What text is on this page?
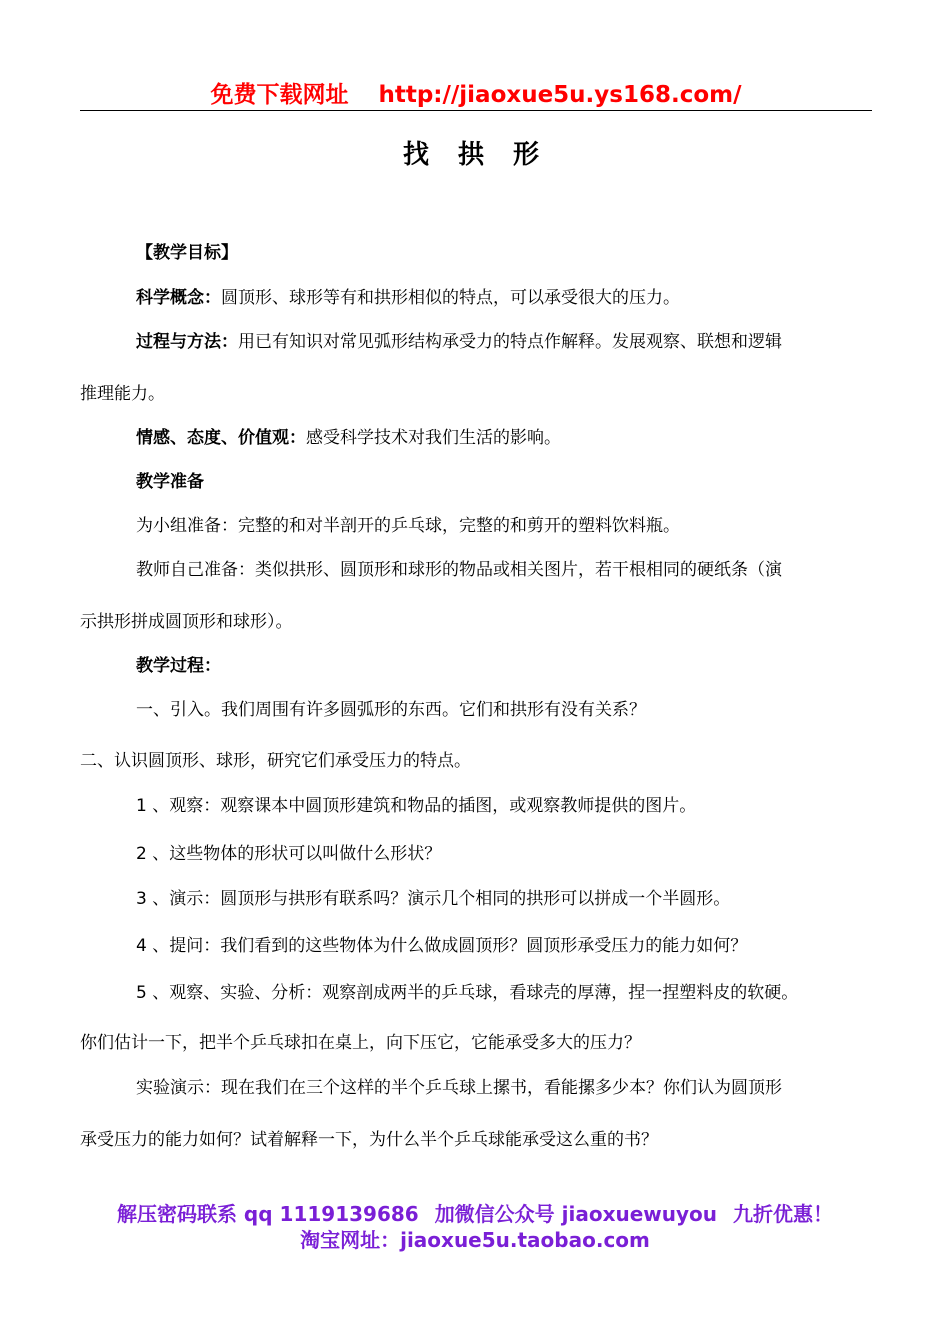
免费下载网址 http://jiaoxue5u.ys168.com/
找 拱 形
【教学目标】
科学概念：圆顶形、球形等有和拱形相似的特点，可以承受很大的压力。
过程与方法：用已有知识对常见弧形结构承受力的特点作解释。发展观察、联想和逻辑
推理能力。
情感、态度、价值观：感受科学技术对我们生活的影响。
教学准备
为小组准备：完整的和对半剖开的乒乓球，完整的和剪开的塑料饮料瓶。
教师自己准备：类似拱形、圆顶形和球形的物品或相关图片，若干根相同的硬纸条（演
示拱形拼成圆顶形和球形）。
教学过程：
一、引入。我们周围有许多圆弧形的东西。它们和拱形有没有关系？
二、认识圆顶形、球形，研究它们承受压力的特点。
1 、观察：观察课本中圆顶形建筑和物品的插图，或观察教师提供的图片。
2 、这些物体的形状可以叫做什么形状？
3 、演示：圆顶形与拱形有联系吗？演示几个相同的拱形可以拼成一个半圆形。
4 、提问：我们看到的这些物体为什么做成圆顶形？圆顶形承受压力的能力如何？
5 、观察、实验、分析：观察剖成两半的乒乓球，看球壳的厚薄，捏一捏塑料皮的软硬。
你们估计一下，把半个乒乓球扣在桌上，向下压它，它能承受多大的压力？
实验演示：现在我们在三个这样的半个乒乓球上摞书，看能摞多少本？你们认为圆顶形
承受压力的能力如何？试着解释一下，为什么半个乒乓球能承受这么重的书？
解压密码联系 qq 1119139686 加微信公众号 jiaoxuewuyou 九折优惠！
淘宝网址：jiaoxue5u.taobao.com
